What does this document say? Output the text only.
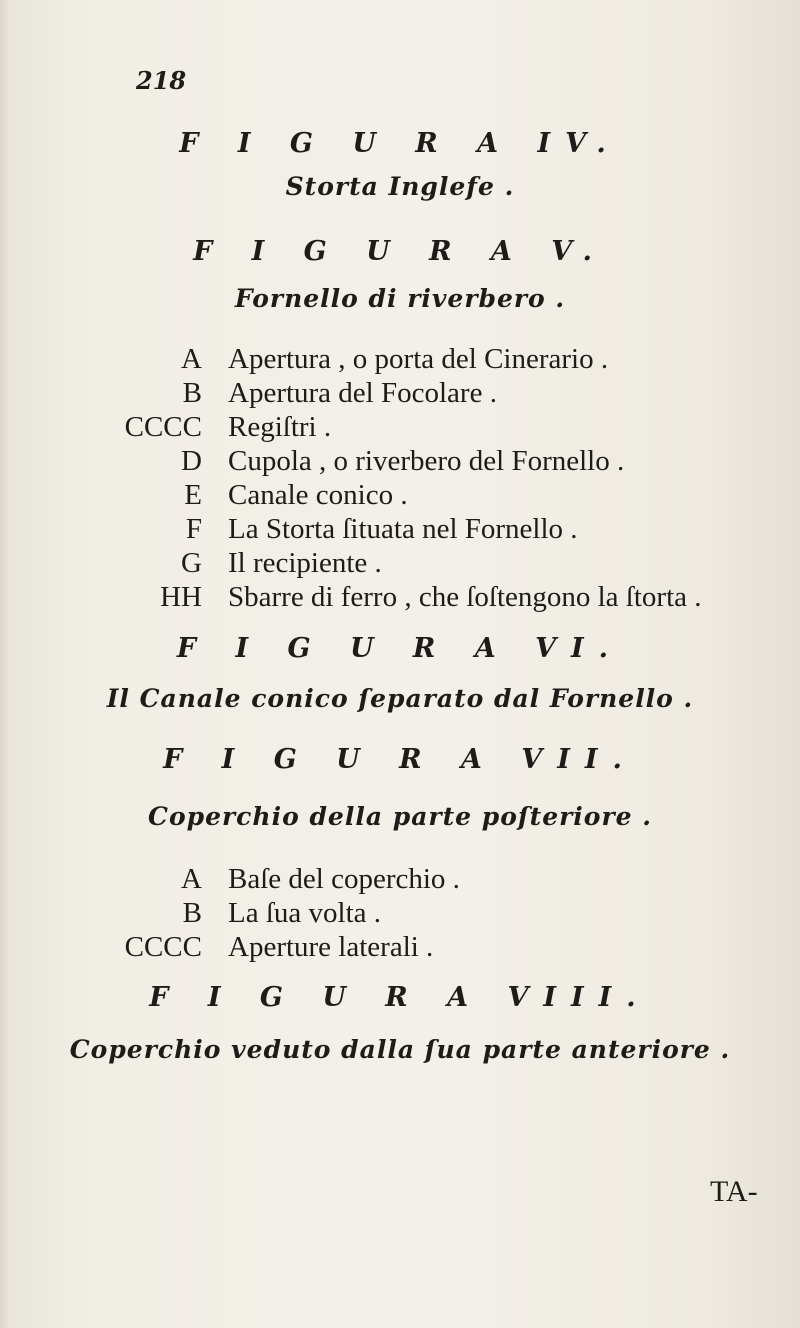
218
F I G U R A IV.
Storta Inglefe .
F I G U R A V.
Fornello di riverbero .
A Apertura , o porta del Cinerario .
B Apertura del Focolare .
CCCC Regiſtri .
D Cupola , o riverbero del Fornello .
E Canale conico .
F La Storta ſituata nel Fornello .
G Il recipiente .
HH Sbarre di ferro , che ſoſtengono la ſtorta .
F I G U R A VI.
Il Canale conico ſeparato dal Fornello .
F I G U R A VII.
Coperchio della parte poſteriore .
A Baſe del coperchio .
B La ſua volta .
CCCC Aperture laterali .
F I G U R A VIII.
Coperchio veduto dalla ſua parte anteriore .
TA-
